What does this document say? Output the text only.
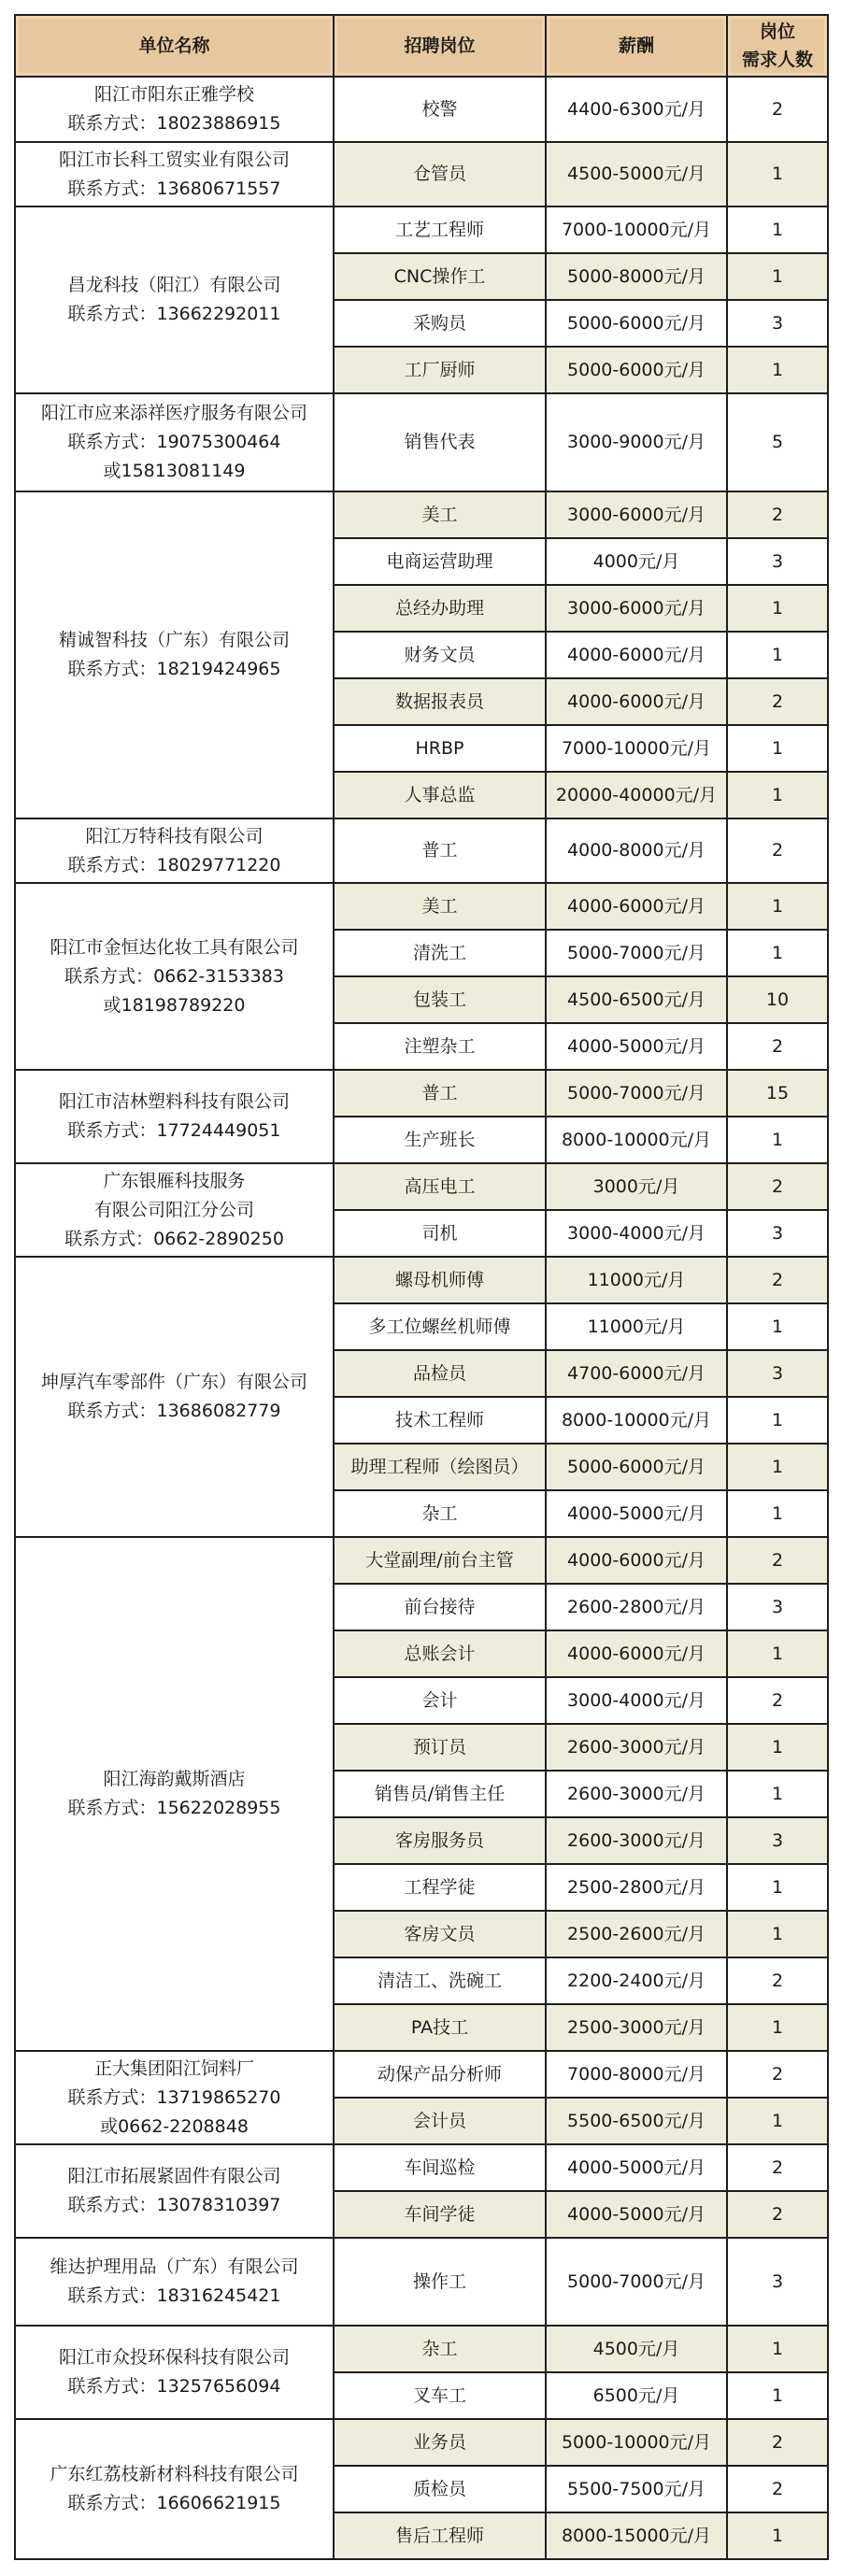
单位名称	招聘岗位	薪酬	岗位
需求人数

阳江市阳东正雅学校
联系方式：18023886915	校警	4400-6300元/月	2

阳江市长科工贸实业有限公司
联系方式：13680671557	仓管员	4500-5000元/月	1

昌龙科技（阳江）有限公司
联系方式：13662292011	工艺工程师	7000-10000元/月	1
	CNC操作工	5000-8000元/月	1
	采购员	5000-6000元/月	3
	工厂厨师	5000-6000元/月	1

阳江市应来添祥医疗服务有限公司
联系方式：19075300464
或15813081149	销售代表	3000-9000元/月	5

精诚智科技（广东）有限公司
联系方式：18219424965	美工	3000-6000元/月	2
	电商运营助理	4000元/月	3
	总经办助理	3000-6000元/月	1
	财务文员	4000-6000元/月	1
	数据报表员	4000-6000元/月	2
	HRBP	7000-10000元/月	1
	人事总监	20000-40000元/月	1

阳江万特科技有限公司
联系方式：18029771220	普工	4000-8000元/月	2

阳江市金恒达化妆工具有限公司
联系方式：0662-3153383
或18198789220	美工	4000-6000元/月	1
	清洗工	5000-7000元/月	1
	包装工	4500-6500元/月	10
	注塑杂工	4000-5000元/月	2

阳江市洁林塑料科技有限公司
联系方式：17724449051	普工	5000-7000元/月	15
	生产班长	8000-10000元/月	1

广东银雁科技服务
有限公司阳江分公司
联系方式：0662-2890250	高压电工	3000元/月	2
	司机	3000-4000元/月	3

坤厚汽车零部件（广东）有限公司
联系方式：13686082779	螺母机师傅	11000元/月	2
	多工位螺丝机师傅	11000元/月	1
	品检员	4700-6000元/月	3
	技术工程师	8000-10000元/月	1
	助理工程师（绘图员）	5000-6000元/月	1
	杂工	4000-5000元/月	1

阳江海韵戴斯酒店
联系方式：15622028955	大堂副理/前台主管	4000-6000元/月	2
	前台接待	2600-2800元/月	3
	总账会计	4000-6000元/月	1
	会计	3000-4000元/月	2
	预订员	2600-3000元/月	1
	销售员/销售主任	2600-3000元/月	1
	客房服务员	2600-3000元/月	3
	工程学徒	2500-2800元/月	1
	客房文员	2500-2600元/月	1
	清洁工、洗碗工	2200-2400元/月	2
	PA技工	2500-3000元/月	1

正大集团阳江饲料厂
联系方式：13719865270
或0662-2208848	动保产品分析师	7000-8000元/月	2
	会计员	5500-6500元/月	1

阳江市拓展紧固件有限公司
联系方式：13078310397	车间巡检	4000-5000元/月	2
	车间学徒	4000-5000元/月	2

维达护理用品（广东）有限公司
联系方式：18316245421	操作工	5000-7000元/月	3

阳江市众投环保科技有限公司
联系方式：13257656094	杂工	4500元/月	1
	叉车工	6500元/月	1

广东红荔枝新材料科技有限公司
联系方式：16606621915	业务员	5000-10000元/月	2
	质检员	5500-7500元/月	2
	售后工程师	8000-15000元/月	1
